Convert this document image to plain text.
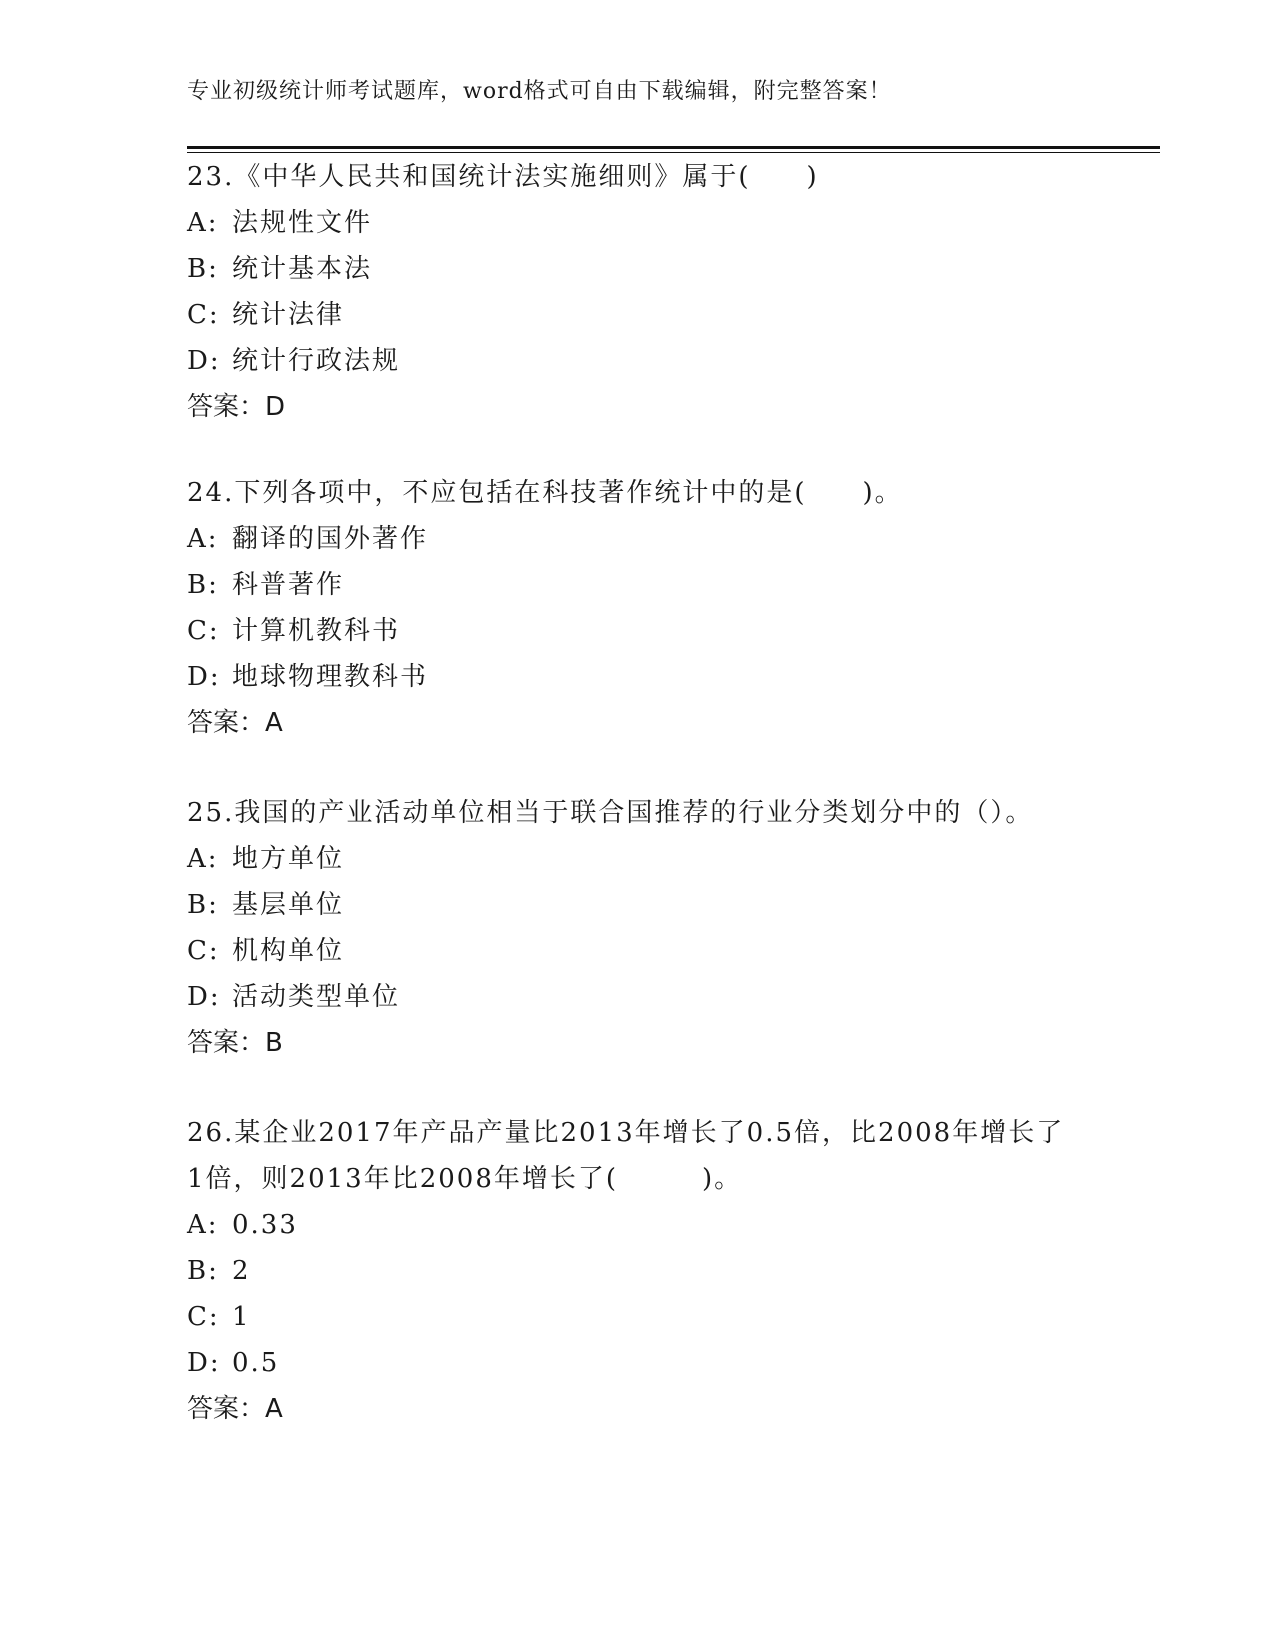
专业初级统计师考试题库，word格式可自由下载编辑，附完整答案！

23.《中华人民共和国统计法实施细则》属于(　　)

A: 法规性文件
B: 统计基本法
C: 统计法律
D: 统计行政法规
答案：D

24.下列各项中，不应包括在科技著作统计中的是(　　)。

A: 翻译的国外著作
B: 科普著作
C: 计算机教科书
D: 地球物理教科书
答案：A

25.我国的产业活动单位相当于联合国推荐的行业分类划分中的（）。

A: 地方单位
B: 基层单位
C: 机构单位
D: 活动类型单位
答案：B

26.某企业2017年产品产量比2013年增长了0.5倍，比2008年增长了1倍，则2013年比2008年增长了(　　　)。

A: 0.33
B: 2
C: 1
D: 0.5
答案：A
